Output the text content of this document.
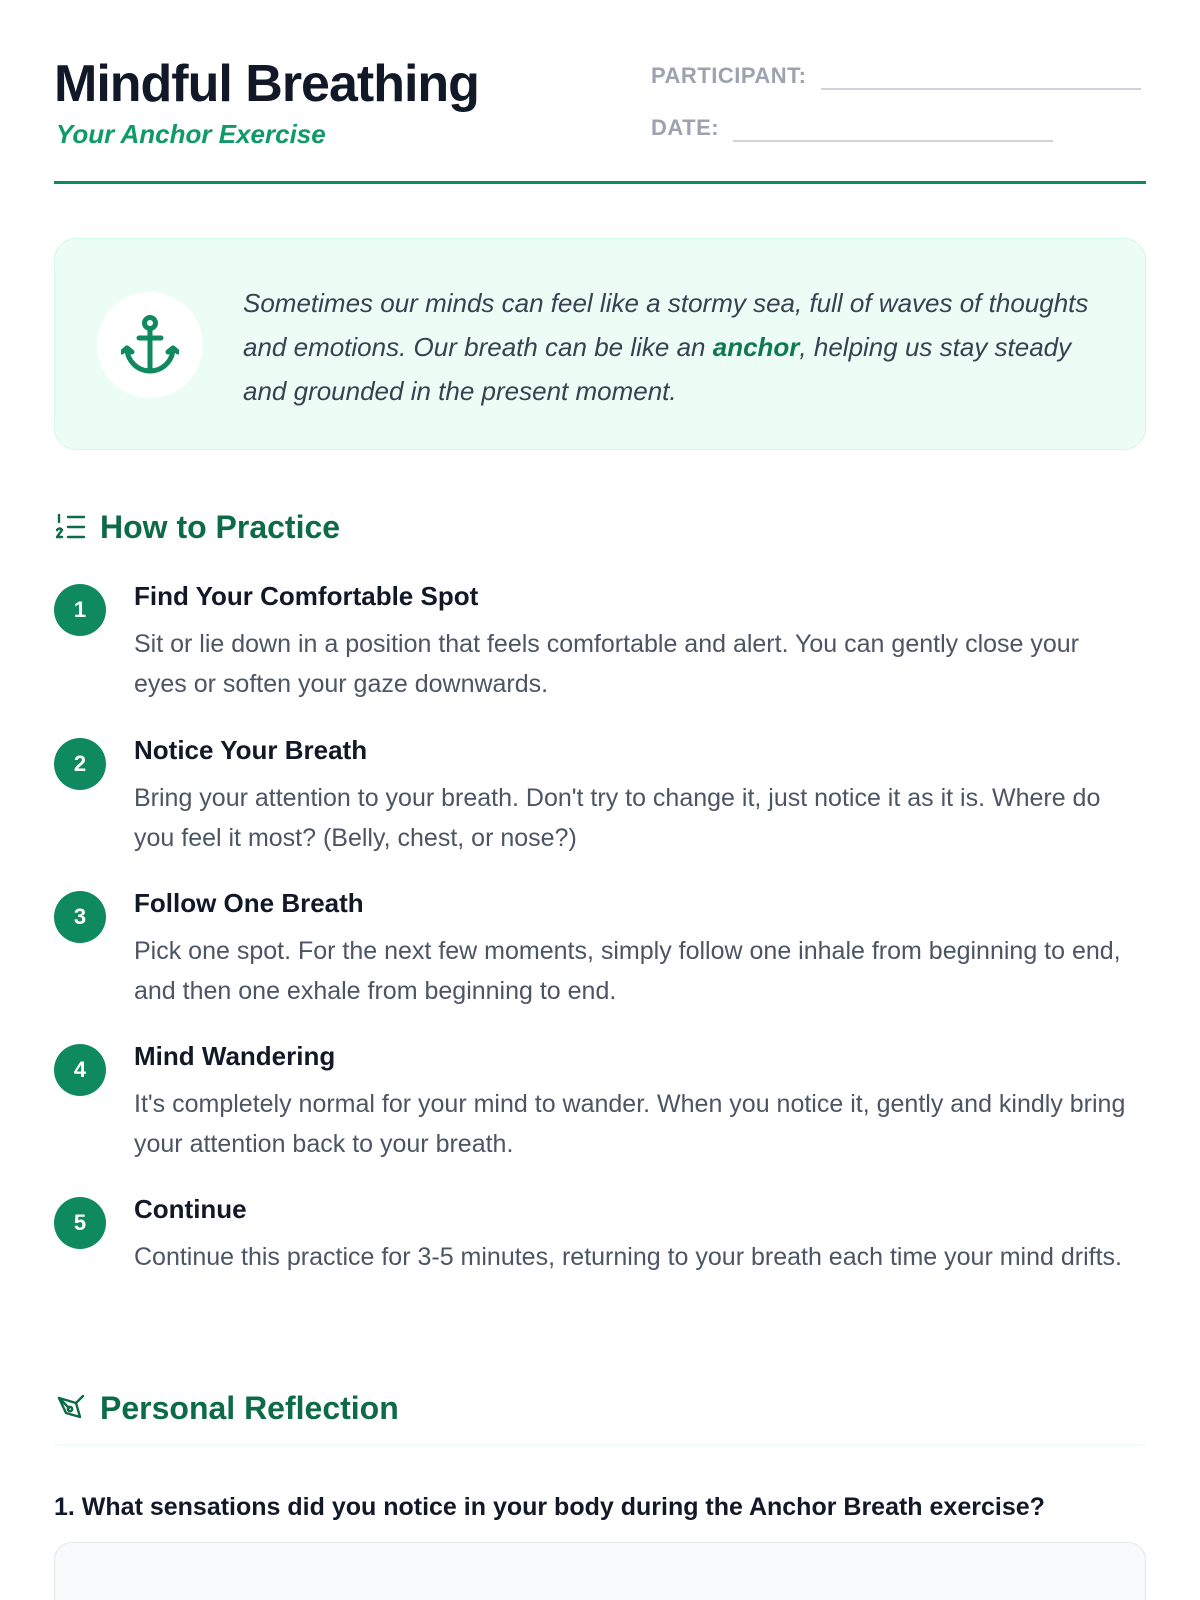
Mindful Breathing
Your Anchor Exercise
PARTICIPANT:
DATE:

Sometimes our minds can feel like a stormy sea, full of waves of thoughts and emotions. Our breath can be like an anchor, helping us stay steady and grounded in the present moment.

How to Practice
1	Find Your Comfortable Spot
Sit or lie down in a position that feels comfortable and alert. You can gently close your eyes or soften your gaze downwards.
2	Notice Your Breath
Bring your attention to your breath. Don't try to change it, just notice it as it is. Where do you feel it most? (Belly, chest, or nose?)
3	Follow One Breath
Pick one spot. For the next few moments, simply follow one inhale from beginning to end, and then one exhale from beginning to end.
4	Mind Wandering
It's completely normal for your mind to wander. When you notice it, gently and kindly bring your attention back to your breath.
5	Continue
Continue this practice for 3-5 minutes, returning to your breath each time your mind drifts.
Personal Reflection
1. What sensations did you notice in your body during the Anchor Breath exercise?
